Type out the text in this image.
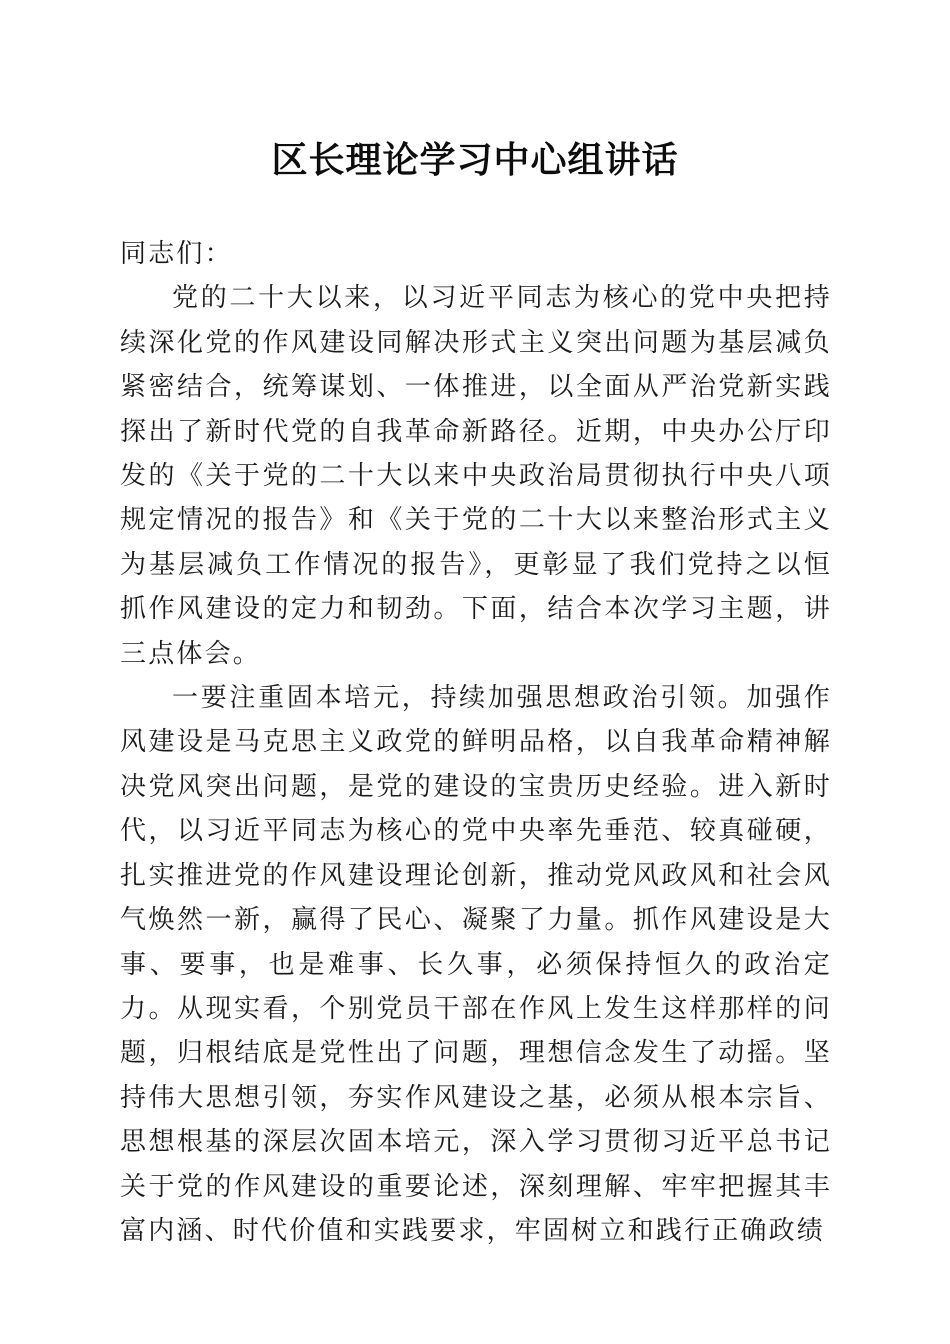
区长理论学习中心组讲话

同志们：

党的二十大以来，以习近平同志为核心的党中央把持续深化党的作风建设同解决形式主义突出问题为基层减负紧密结合，统筹谋划、一体推进，以全面从严治党新实践探出了新时代党的自我革命新路径。近期，中央办公厅印发的《关于党的二十大以来中央政治局贯彻执行中央八项规定情况的报告》和《关于党的二十大以来整治形式主义为基层减负工作情况的报告》，更彰显了我们党持之以恒抓作风建设的定力和韧劲。下面，结合本次学习主题，讲三点体会。

一要注重固本培元，持续加强思想政治引领。加强作风建设是马克思主义政党的鲜明品格，以自我革命精神解决党风突出问题，是党的建设的宝贵历史经验。进入新时代，以习近平同志为核心的党中央率先垂范、较真碰硬，扎实推进党的作风建设理论创新，推动党风政风和社会风气焕然一新，赢得了民心、凝聚了力量。抓作风建设是大事、要事，也是难事、长久事，必须保持恒久的政治定力。从现实看，个别党员干部在作风上发生这样那样的问题，归根结底是党性出了问题，理想信念发生了动摇。坚持伟大思想引领，夯实作风建设之基，必须从根本宗旨、思想根基的深层次固本培元，深入学习贯彻习近平总书记关于党的作风建设的重要论述，深刻理解、牢牢把握其丰富内涵、时代价值和实践要求，牢固树立和践行正确政绩
